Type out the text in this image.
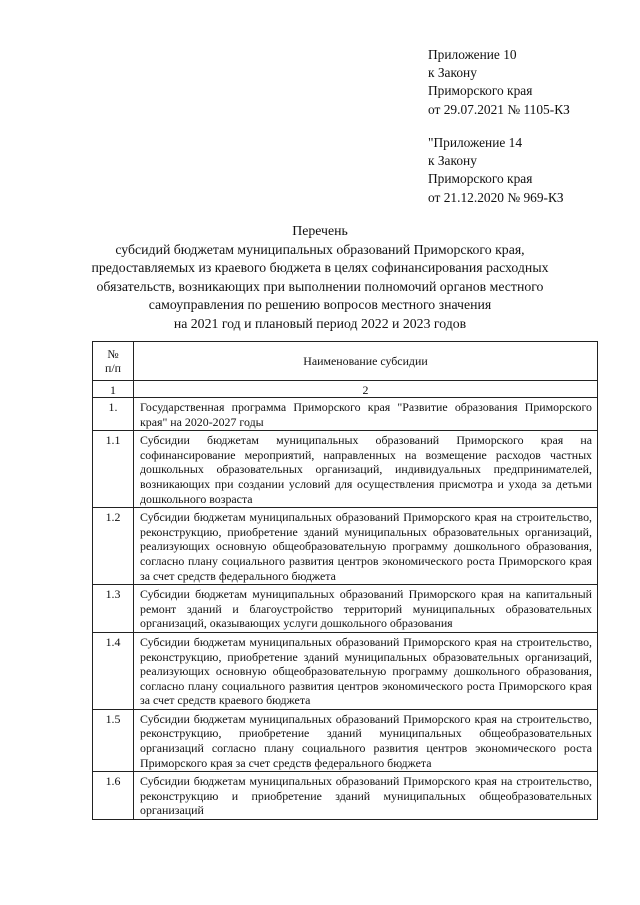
Приложение 10
к Закону
Приморского края
от 29.07.2021 № 1105-КЗ
"Приложение 14
к Закону
Приморского края
от 21.12.2020 № 969-КЗ
Перечень
субсидий бюджетам муниципальных образований Приморского края,
предоставляемых из краевого бюджета в целях софинансирования расходных
обязательств, возникающих при выполнении полномочий органов местного
самоуправления по решению вопросов местного значения
на 2021 год и плановый период 2022 и 2023 годов
№
п/п	Наименование субсидии
1	2
1.	Государственная программа Приморского края "Развитие образования Приморского края" на 2020-2027 годы
1.1	Субсидии бюджетам муниципальных образований Приморского края на софинансирование мероприятий, направленных на возмещение расходов частных дошкольных образовательных организаций, индивидуальных предпринимателей, возникающих при создании условий для осуществления присмотра и ухода за детьми дошкольного возраста
1.2	Субсидии бюджетам муниципальных образований Приморского края на строительство, реконструкцию, приобретение зданий муниципальных образовательных организаций, реализующих основную общеобразовательную программу дошкольного образования, согласно плану социального развития центров экономического роста Приморского края за счет средств федерального бюджета
1.3	Субсидии бюджетам муниципальных образований Приморского края на капитальный ремонт зданий и благоустройство территорий муниципальных образовательных организаций, оказывающих услуги дошкольного образования
1.4	Субсидии бюджетам муниципальных образований Приморского края на строительство, реконструкцию, приобретение зданий муниципальных образовательных организаций, реализующих основную общеобразовательную программу дошкольного образования, согласно плану социального развития центров экономического роста Приморского края за счет средств краевого бюджета
1.5	Субсидии бюджетам муниципальных образований Приморского края на строительство, реконструкцию, приобретение зданий муниципальных общеобразовательных организаций согласно плану социального развития центров экономического роста Приморского края за счет средств федерального бюджета
1.6	Субсидии бюджетам муниципальных образований Приморского края на строительство, реконструкцию и приобретение зданий муниципальных общеобразовательных организаций
